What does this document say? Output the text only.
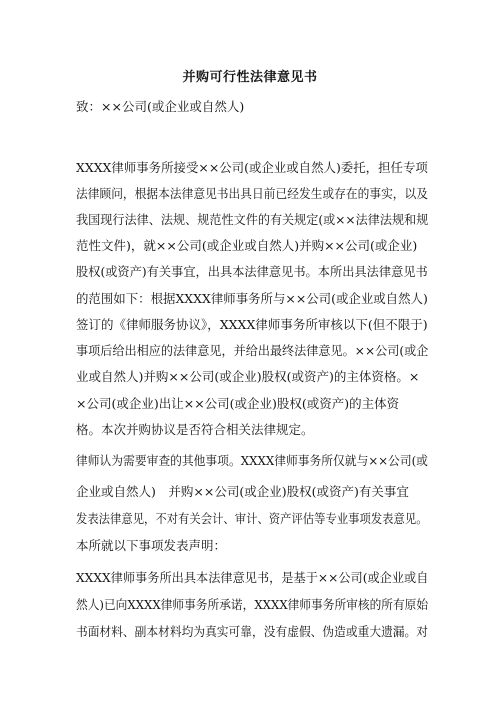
并购可行性法律意见书
致：××公司(或企业或自然人)
XXXX律师事务所接受××公司(或企业或自然人)委托，担任专项
法律顾问，根据本法律意见书出具日前已经发生或存在的事实，以及
我国现行法律、法规、规范性文件的有关规定(或××法律法规和规
范性文件)，就××公司(或企业或自然人)并购××公司(或企业)
股权(或资产)有关事宜，出具本法律意见书。本所出具法律意见书
的范围如下：根据XXXX律师事务所与××公司(或企业或自然人)
签订的《律师服务协议》，XXXX律师事务所审核以下(但不限于)
事项后给出相应的法律意见，并给出最终法律意见。××公司(或企
业或自然人)并购××公司(或企业)股权(或资产)的主体资格。×
×公司(或企业)出让××公司(或企业)股权(或资产)的主体资
格。本次并购协议是否符合相关法律规定。
律师认为需要审查的其他事项。XXXX律师事务所仅就与××公司(或
企业或自然人)　并购××公司(或企业)股权(或资产)有关事宜
发表法律意见，不对有关会计、审计、资产评估等专业事项发表意见。
本所就以下事项发表声明：
XXXX律师事务所出具本法律意见书，是基于××公司(或企业或自
然人)已向XXXX律师事务所承诺，XXXX律师事务所审核的所有原始
书面材料、副本材料均为真实可靠，没有虚假、伪造或重大遗漏。对
